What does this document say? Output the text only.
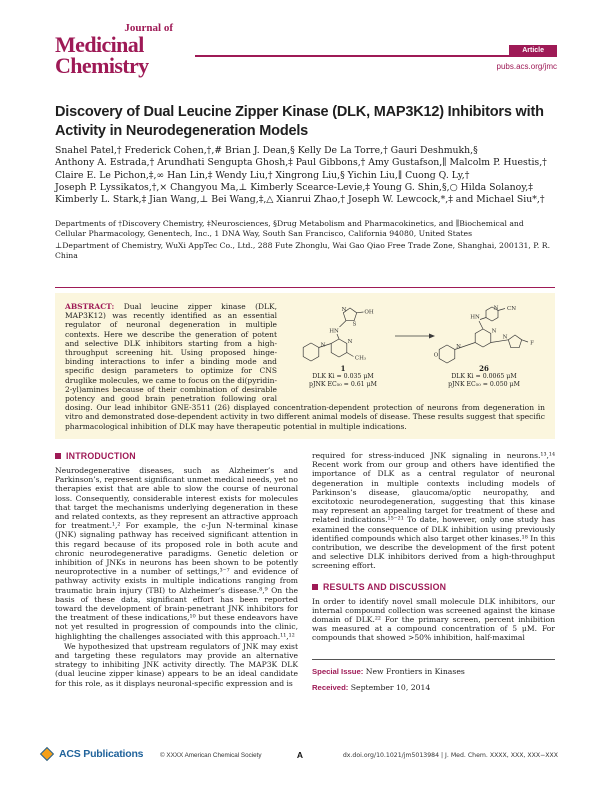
Journal of
Medicinal
Chemistry
Article
pubs.acs.org/jmc
Discovery of Dual Leucine Zipper Kinase (DLK, MAP3K12) Inhibitors with Activity in Neurodegeneration Models
Snahel Patel,† Frederick Cohen,†,# Brian J. Dean,§ Kelly De La Torre,† Gauri Deshmukh,§
Anthony A. Estrada,† Arundhati Sengupta Ghosh,‡ Paul Gibbons,† Amy Gustafson,∥ Malcolm P. Huestis,†
Claire E. Le Pichon,‡,∞ Han Lin,‡ Wendy Liu,† Xingrong Liu,§ Yichin Liu,∥ Cuong Q. Ly,†
Joseph P. Lyssikatos,†,× Changyou Ma,⊥ Kimberly Scearce-Levie,‡ Young G. Shin,§,○ Hilda Solanoy,‡
Kimberly L. Stark,‡ Jian Wang,⊥ Bei Wang,‡,△ Xianrui Zhao,† Joseph W. Lewcock,*,‡ and Michael Siu*,†

Departments of †Discovery Chemistry, ‡Neurosciences, §Drug Metabolism and Pharmacokinetics, and ∥Biochemical and Cellular Pharmacology, Genentech, Inc., 1 DNA Way, South San Francisco, California 94080, United States

⊥Department of Chemistry, WuXi AppTec Co., Ltd., 288 Fute Zhonglu, Wai Gao Qiao Free Trade Zone, Shanghai, 200131, P. R. China

HN
N
S
OH
N
CH₃
N
N CN
HN
N
N
F
O
N
1
DLK Ki = 0.035 μM
pJNK EC₅₀ = 0.61 μM
26
DLK Ki = 0.0065 μM
pJNK EC₅₀ = 0.050 μM

ABSTRACT: Dual leucine zipper kinase (DLK, MAP3K12) was recently identified as an essential regulator of neuronal degeneration in multiple contexts. Here we describe the generation of potent and selective DLK inhibitors starting from a high-throughput screening hit. Using proposed hinge-binding interactions to infer a binding mode and specific design parameters to optimize for CNS druglike molecules, we came to focus on the di(pyridin-2-yl)amines because of their combination of desirable potency and good brain penetration following oral dosing. Our lead inhibitor GNE-3511 (26) displayed concentration-dependent protection of neurons from degeneration in vitro and demonstrated dose-dependent activity in two different animal models of disease. These results suggest that specific pharmacological inhibition of DLK may have therapeutic potential in multiple indications.

INTRODUCTION

Neurodegenerative diseases, such as Alzheimer’s and Parkinson’s, represent significant unmet medical needs, yet no therapies exist that are able to slow the course of neuronal loss. Consequently, considerable interest exists for molecules that target the mechanisms underlying degeneration in these and related contexts, as they represent an attractive approach for treatment.¹,² For example, the c-Jun N-terminal kinase (JNK) signaling pathway has received significant attention in this regard because of its proposed role in both acute and chronic neurodegenerative paradigms. Genetic deletion or inhibition of JNKs in neurons has been shown to be potently neuroprotective in a number of settings,³⁻⁷ and evidence of pathway activity exists in multiple indications ranging from traumatic brain injury (TBI) to Alzheimer’s disease.⁸,⁹ On the basis of these data, significant effort has been reported toward the development of brain-penetrant JNK inhibitors for the treatment of these indications,¹⁰ but these endeavors have not yet resulted in progression of compounds into the clinic, highlighting the challenges associated with this approach.¹¹,¹²

We hypothesized that upstream regulators of JNK may exist and targeting these regulators may provide an alternative strategy to inhibiting JNK activity directly. The MAP3K DLK (dual leucine zipper kinase) appears to be an ideal candidate for this role, as it displays neuronal-specific expression and is

required for stress-induced JNK signaling in neurons.¹³,¹⁴ Recent work from our group and others have identified the importance of DLK as a central regulator of neuronal degeneration in multiple contexts including models of Parkinson’s disease, glaucoma/optic neuropathy, and excitotoxic neurodegeneration, suggesting that this kinase may represent an appealing target for treatment of these and related indications.¹⁵⁻²¹ To date, however, only one study has examined the consequence of DLK inhibition using previously identified compounds which also target other kinases.¹⁸ In this contribution, we describe the development of the first potent and selective DLK inhibitors derived from a high-throughput screening effort.

RESULTS AND DISCUSSION

In order to identify novel small molecule DLK inhibitors, our internal compound collection was screened against the kinase domain of DLK.²² For the primary screen, percent inhibition was measured at a compound concentration of 5 μM. For compounds that showed >50% inhibition, half-maximal

Special Issue: New Frontiers in Kinases
Received: September 10, 2014
ACS Publications	© XXXX American Chemical Society	A	dx.doi.org/10.1021/jm5013984 | J. Med. Chem. XXXX, XXX, XXX−XXX
